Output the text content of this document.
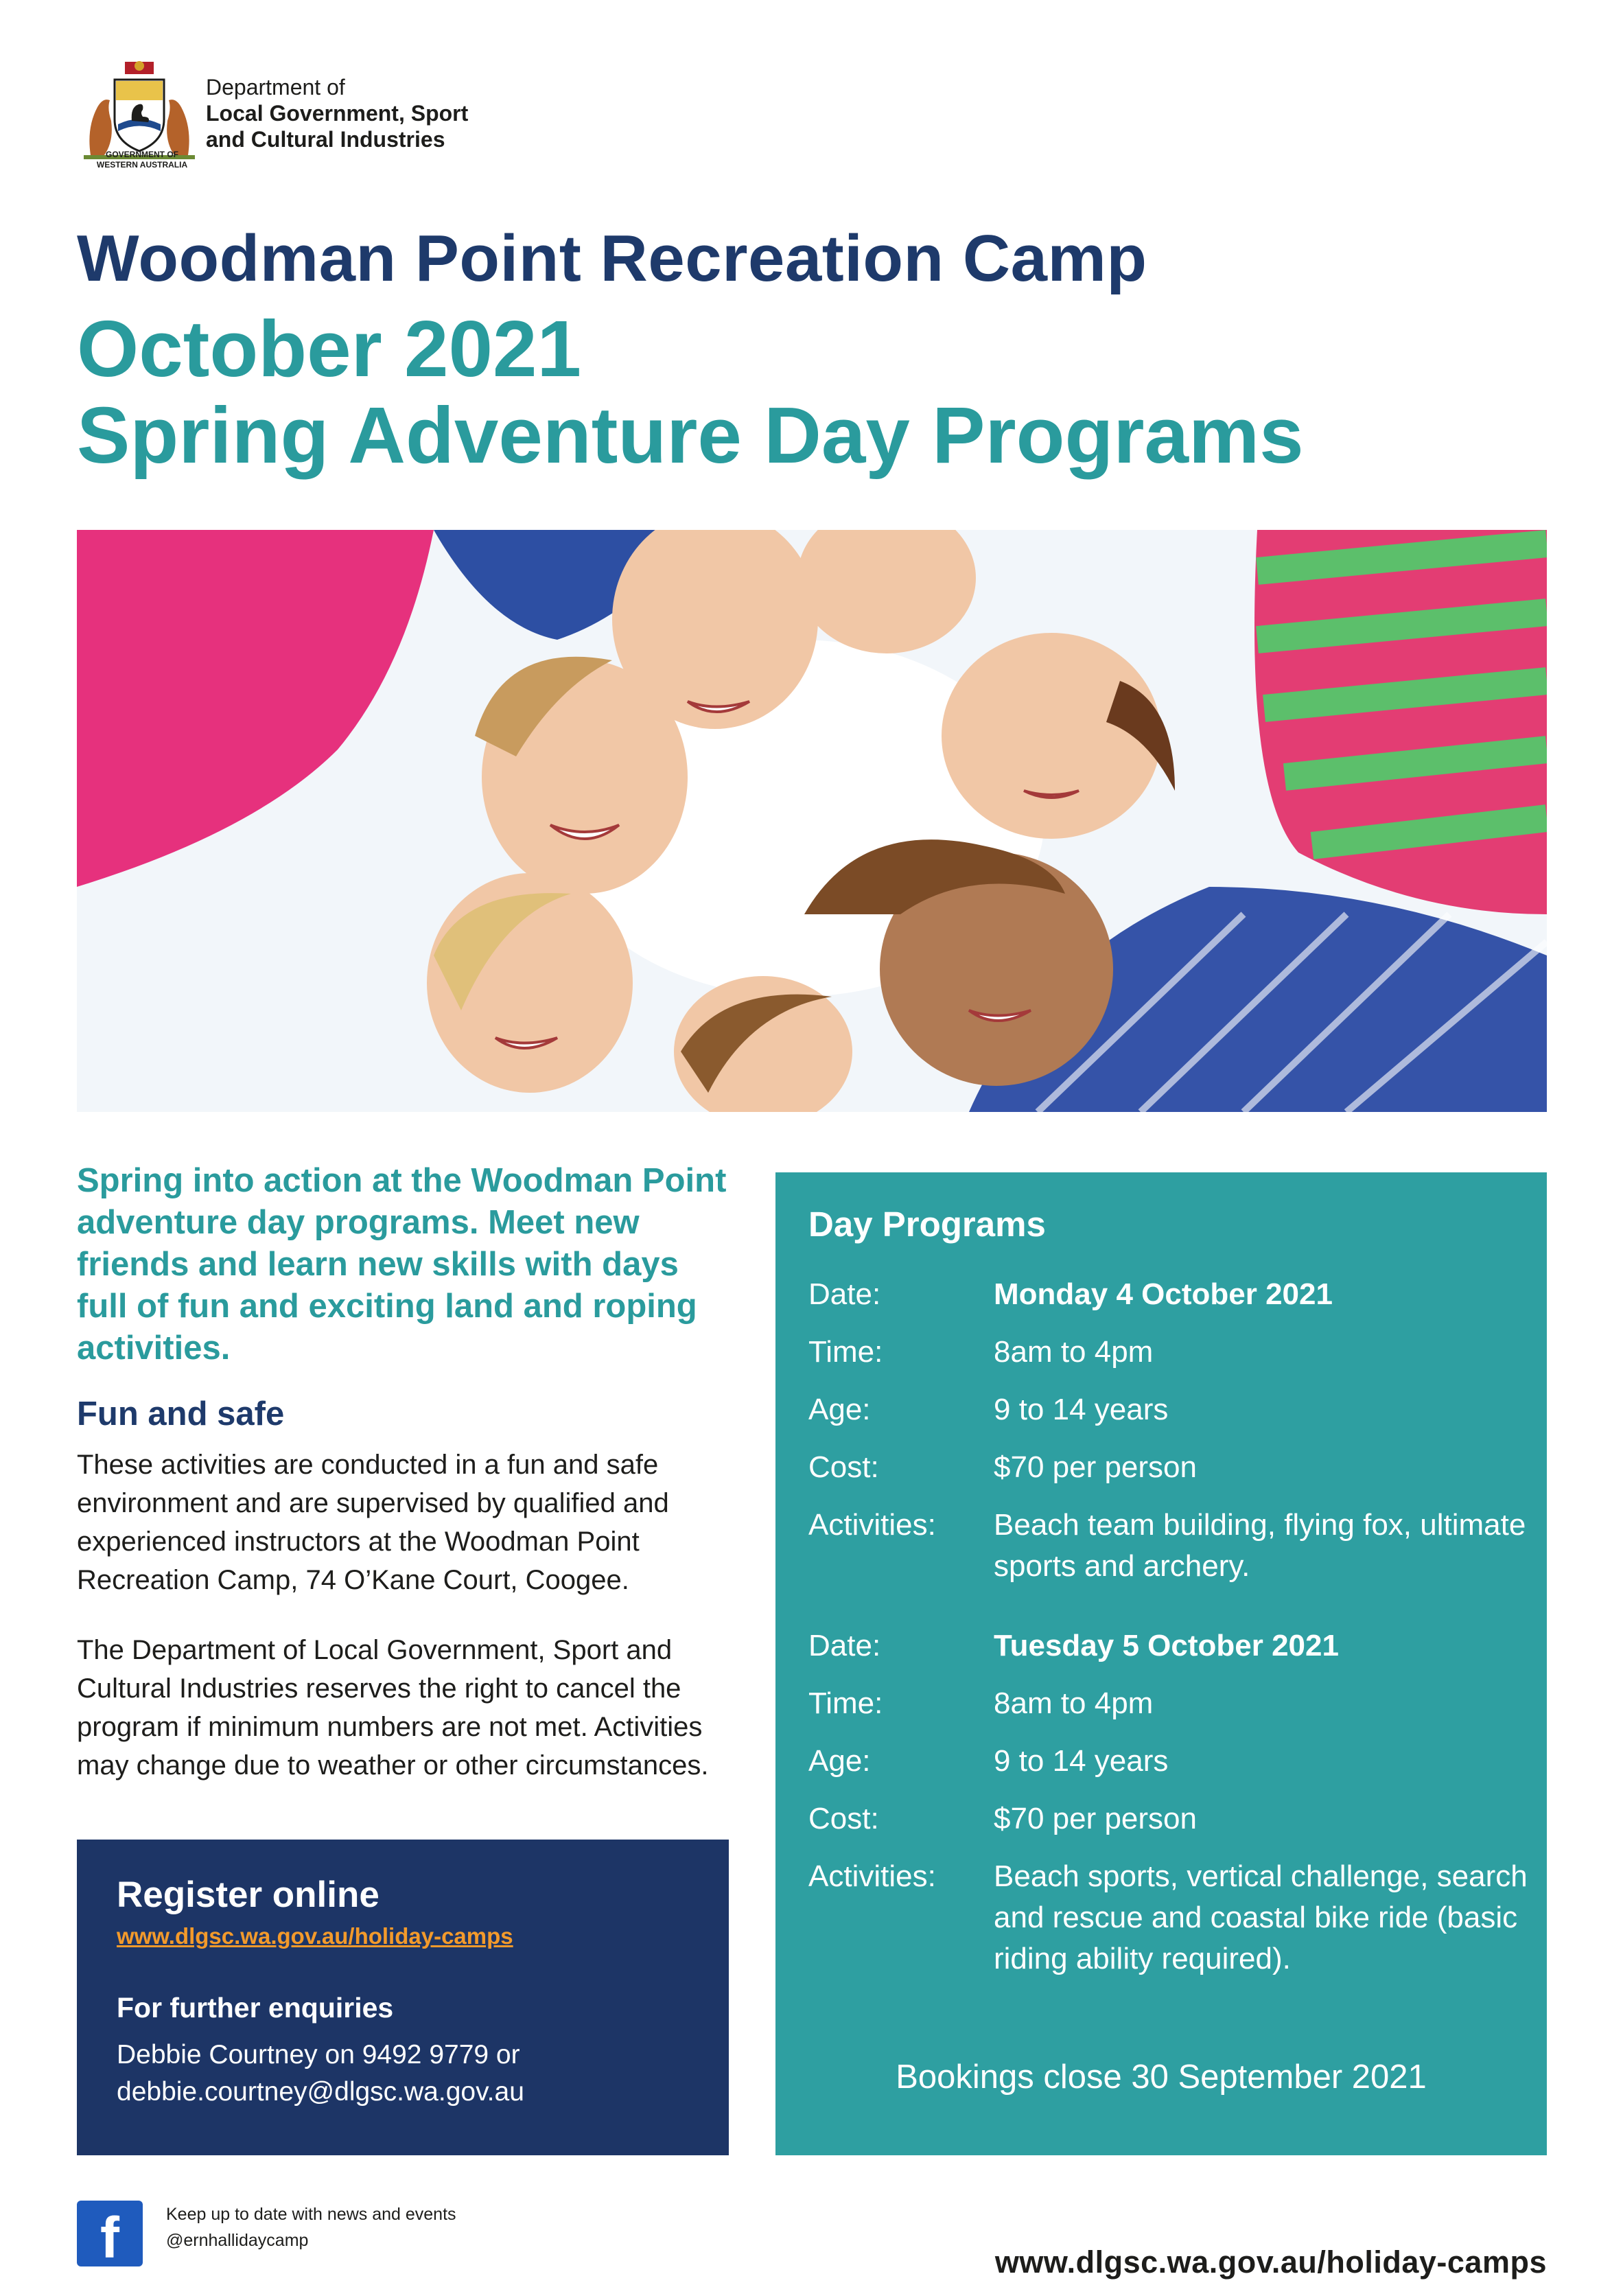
GOVERNMENT OF
WESTERN AUSTRALIA
Department of
Local Government, Sport
and Cultural Industries
Woodman Point Recreation Camp
October 2021
Spring Adventure Day Programs
Spring into action at the Woodman Point adventure day programs. Meet new friends and learn new skills with days full of fun and exciting land and roping activities.
Fun and safe
These activities are conducted in a fun and safe environment and are supervised by qualified and experienced instructors at the Woodman Point Recreation Camp, 74 O’Kane Court, Coogee.
The Department of Local Government, Sport and Cultural Industries reserves the right to cancel the program if minimum numbers are not met. Activities may change due to weather or other circumstances.
Register online
www.dlgsc.wa.gov.au/holiday-camps
For further enquiries
Debbie Courtney on 9492 9779 or
debbie.courtney@dlgsc.wa.gov.au
Day Programs
Date:	Monday 4 October 2021
Time:	8am to 4pm
Age:	9 to 14 years
Cost:	$70 per person
Activities: Beach team building, flying fox, ultimate sports and archery.
Date:	Tuesday 5 October 2021
Time:	8am to 4pm
Age:	9 to 14 years
Cost:	$70 per person
Activities: Beach sports, vertical challenge, search and rescue and coastal bike ride (basic riding ability required).
Bookings close 30 September 2021
f	Keep up to date with news and events
@ernhallidaycamp
www.dlgsc.wa.gov.au/holiday-camps
